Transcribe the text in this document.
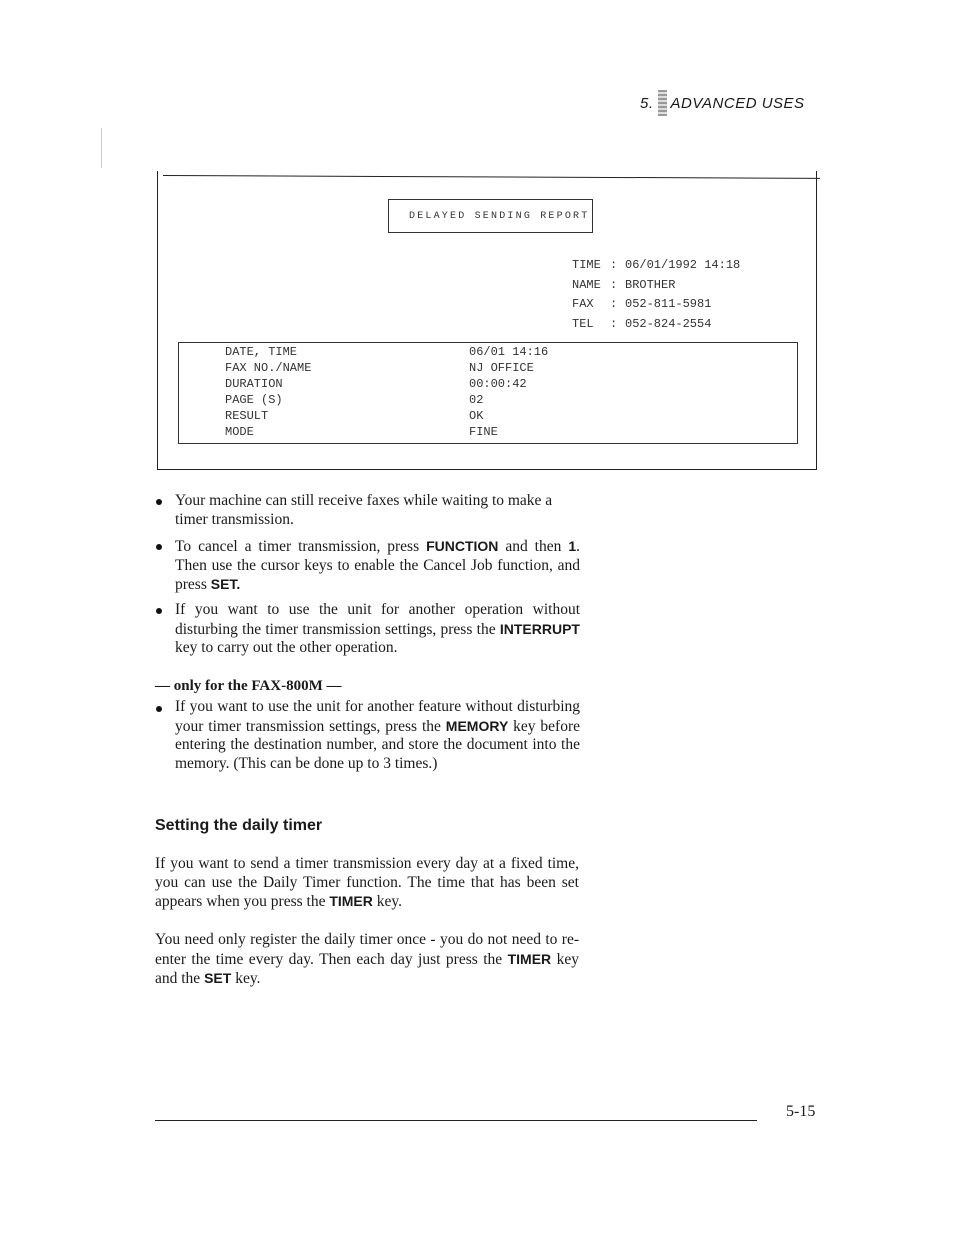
5. ADVANCED USES
DELAYED SENDING REPORT
TIME : 06/01/1992 14:18
NAME : BROTHER
FAX	: 052-811-5981
TEL	: 052-824-2554
DATE, TIME	06/01 14:16
FAX NO./NAME	NJ OFFICE
DURATION	00:00:42
PAGE (S)	02
RESULT	OK
MODE	FINE
Your machine can still receive faxes while waiting to make a timer transmission.
To cancel a timer transmission, press FUNCTION and then 1. Then use the cursor keys to enable the Cancel Job function, and press SET.
If you want to use the unit for another operation without disturbing the timer transmission settings, press the INTERRUPT key to carry out the other operation.
— only for the FAX-800M —
If you want to use the unit for another feature without disturbing your timer transmission settings, press the MEMORY key before entering the destination number, and store the document into the memory. (This can be done up to 3 times.)
Setting the daily timer
If you want to send a timer transmission every day at a fixed time, you can use the Daily Timer function. The time that has been set appears when you press the TIMER key.
You need only register the daily timer once - you do not need to re-enter the time every day. Then each day just press the TIMER key and the SET key.
5-15
